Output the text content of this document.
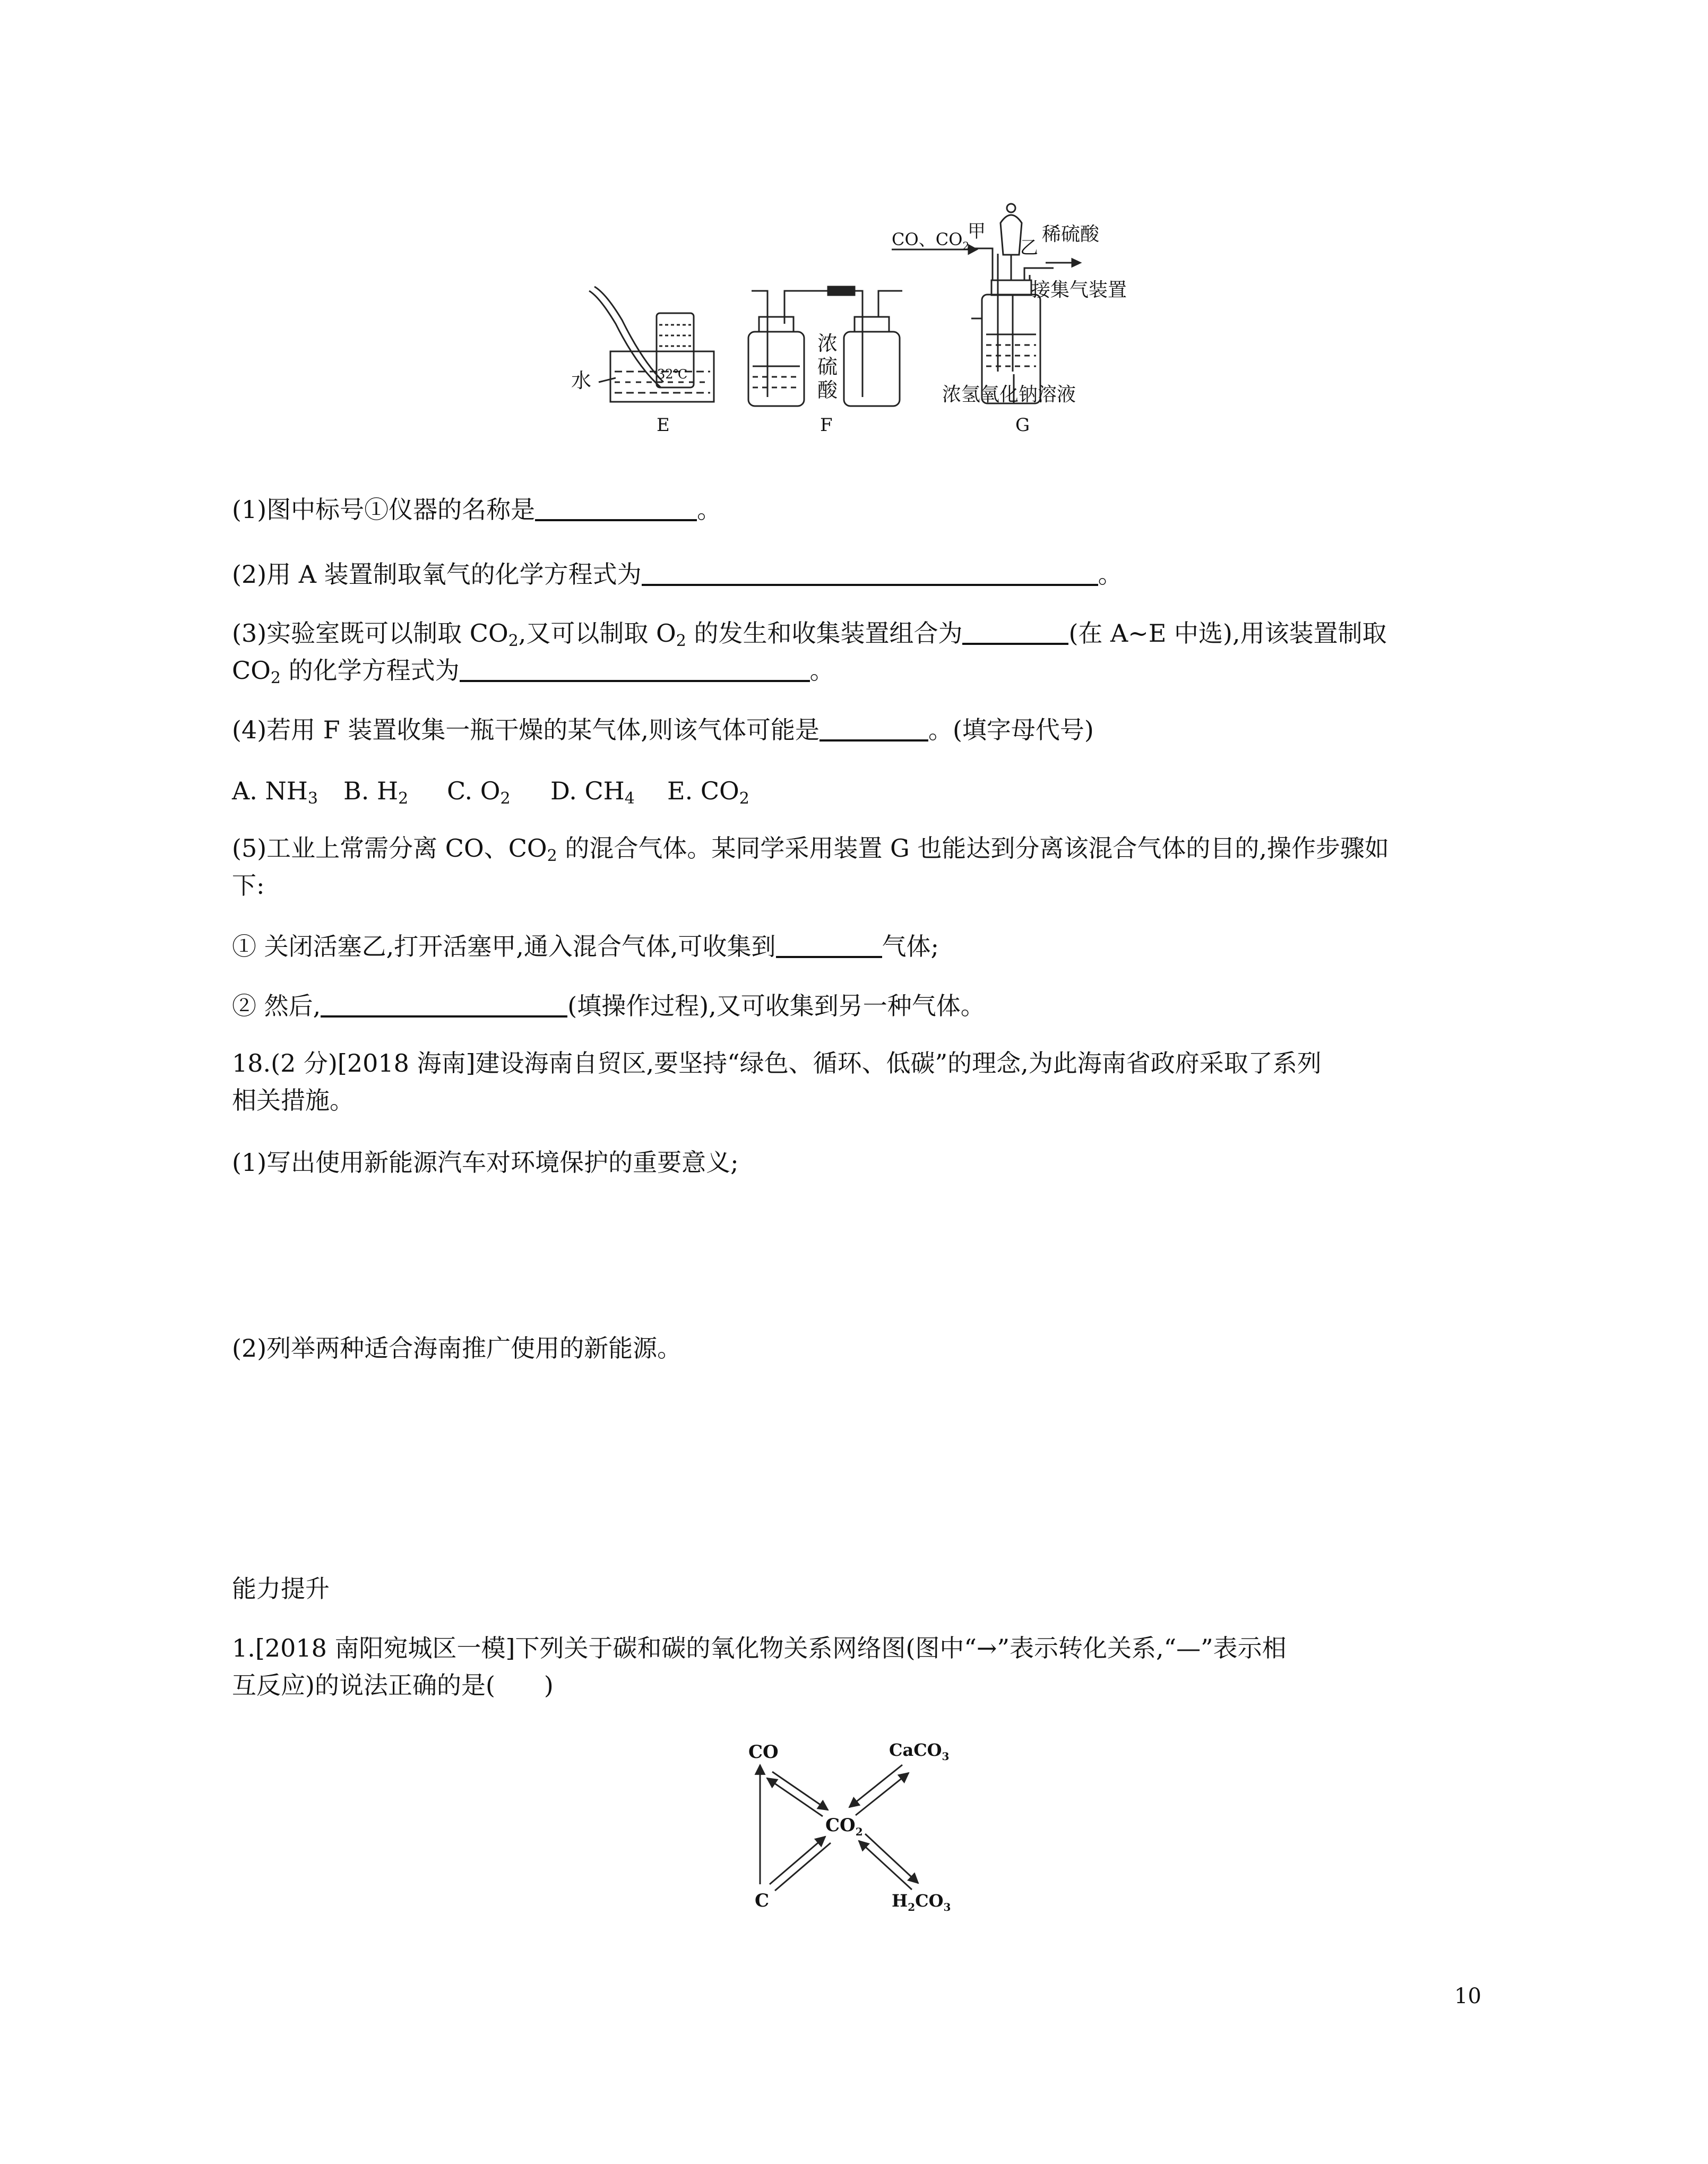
水	32℃
E
浓
硫
酸
F
CO、$CO_2$
甲
乙
稀硫酸
接集气装置
浓氢氧化钠溶液
G
(1)图中标号①仪器的名称是	。
(2)用 A 装置制取氧气的化学方程式为	。
(3)实验室既可以制取 $CO_2$,又可以制取 $O_2$ 的发生和收集装置组合为	(在 A~E 中选),用该装置制取
$CO_2$ 的化学方程式为	。
(4)若用 F 装置收集一瓶干燥的某气体,则该气体可能是	。(填字母代号)
A. $NH_3$ B. $H_2$ C. $O_2$ D. $CH_4$ E. $CO_2$
(5)工业上常需分离 CO、$CO_2$ 的混合气体。某同学采用装置 G 也能达到分离该混合气体的目的,操作步骤如
下:
① 关闭活塞乙,打开活塞甲,通入混合气体,可收集到	气体;
② 然后,	(填操作过程),又可收集到另一种气体。
18.(2 分)[2018 海南]建设海南自贸区,要坚持“绿色、循环、低碳”的理念,为此海南省政府采取了系列
相关措施。
(1)写出使用新能源汽车对环境保护的重要意义;
(2)列举两种适合海南推广使用的新能源。
能力提升
1.[2018 南阳宛城区一模]下列关于碳和碳的氧化物关系网络图(图中“→”表示转化关系,“—”表示相
互反应)的说法正确的是(　　)
CO	CaCO$_3$
$CO_2$
C	$H_2CO_3$
10
